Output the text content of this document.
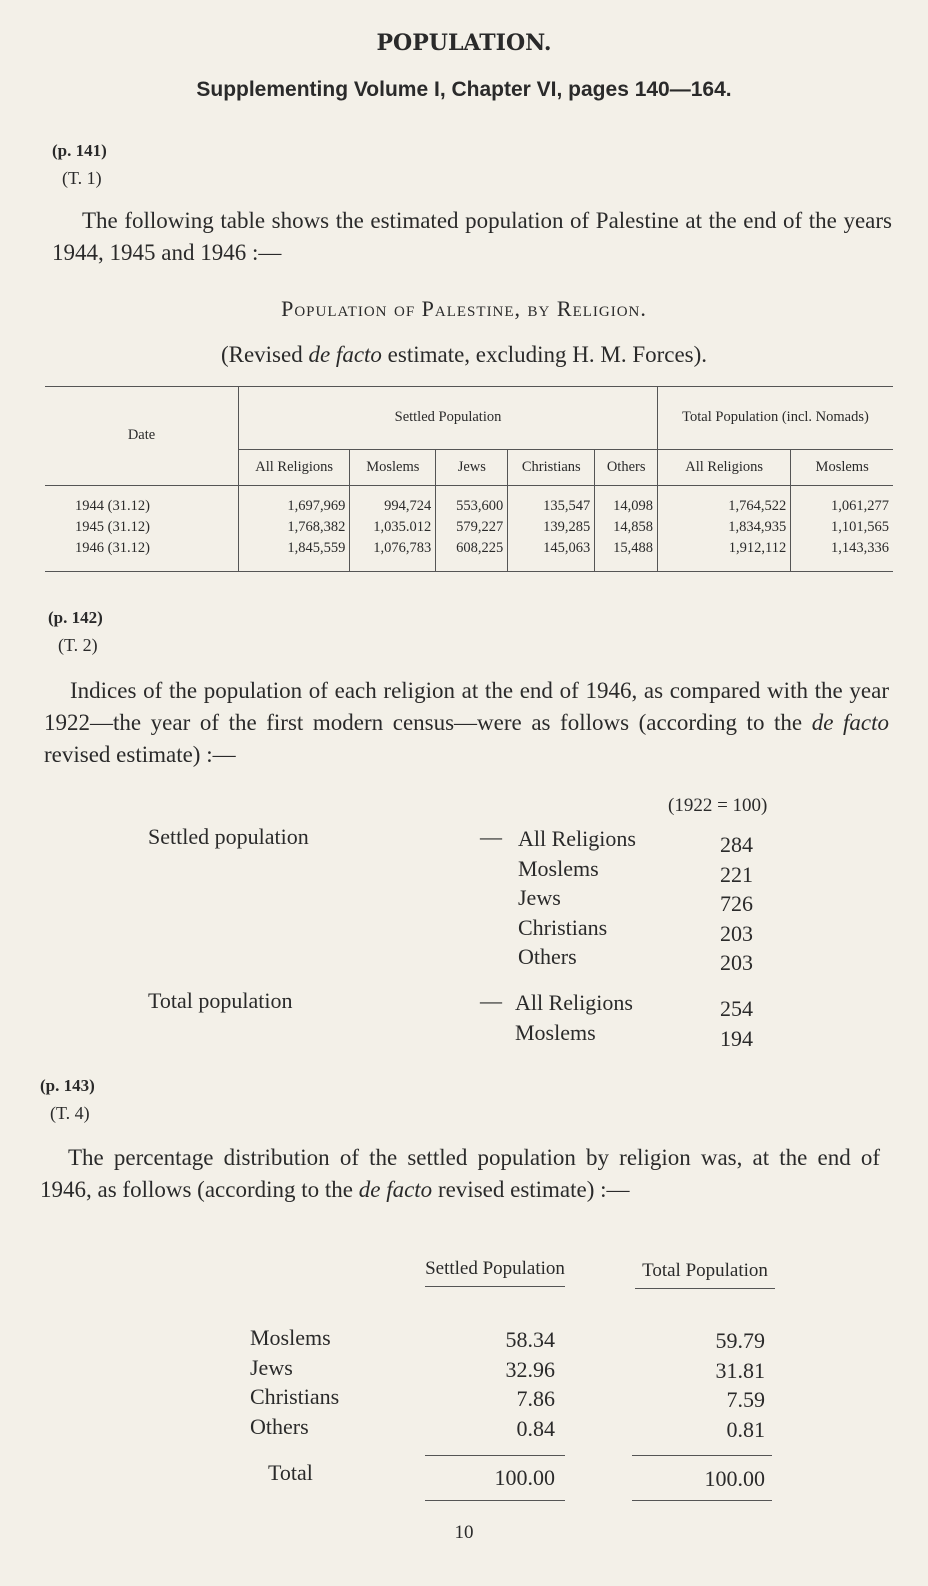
POPULATION.
Supplementing Volume I, Chapter VI, pages 140—164.
(p. 141)
(T. 1)
The following table shows the estimated population of Palestine at the end of the years 1944, 1945 and 1946 :—
Population of Palestine, by Religion.
(Revised de facto estimate, excluding H. M. Forces).
Date	Settled Population					Total Population (incl. Nomads)	
	All Religions	Moslems	Jews	Christians	Others	All Religions	Moslems
1944 (31.12)	1,697,969	994,724	553,600	135,547	14,098	1,764,522	1,061,277
1945 (31.12)	1,768,382	1,035.012	579,227	139,285	14,858	1,834,935	1,101,565
1946 (31.12)	1,845,559	1,076,783	608,225	145,063	15,488	1,912,112	1,143,336
(p. 142)
(T. 2)
Indices of the population of each religion at the end of 1946, as compared with the year 1922—the year of the first modern census—were as follows (according to the de facto revised estimate) :—
(1922 = 100)
Settled population	— All Religions	284
Moslems	221
Jews	726
Christians	203
Others	203
Total population	— All Religions	254
Moslems	194
(p. 143)
(T. 4)
The percentage distribution of the settled population by religion was, at the end of 1946, as follows (according to the de facto revised estimate) :—
Settled Population	Total Population
Moslems	58.34	59.79
Jews	32.96	31.81
Christians	7.86	7.59
Others	0.84	0.81
Total	100.00	100.00
10
